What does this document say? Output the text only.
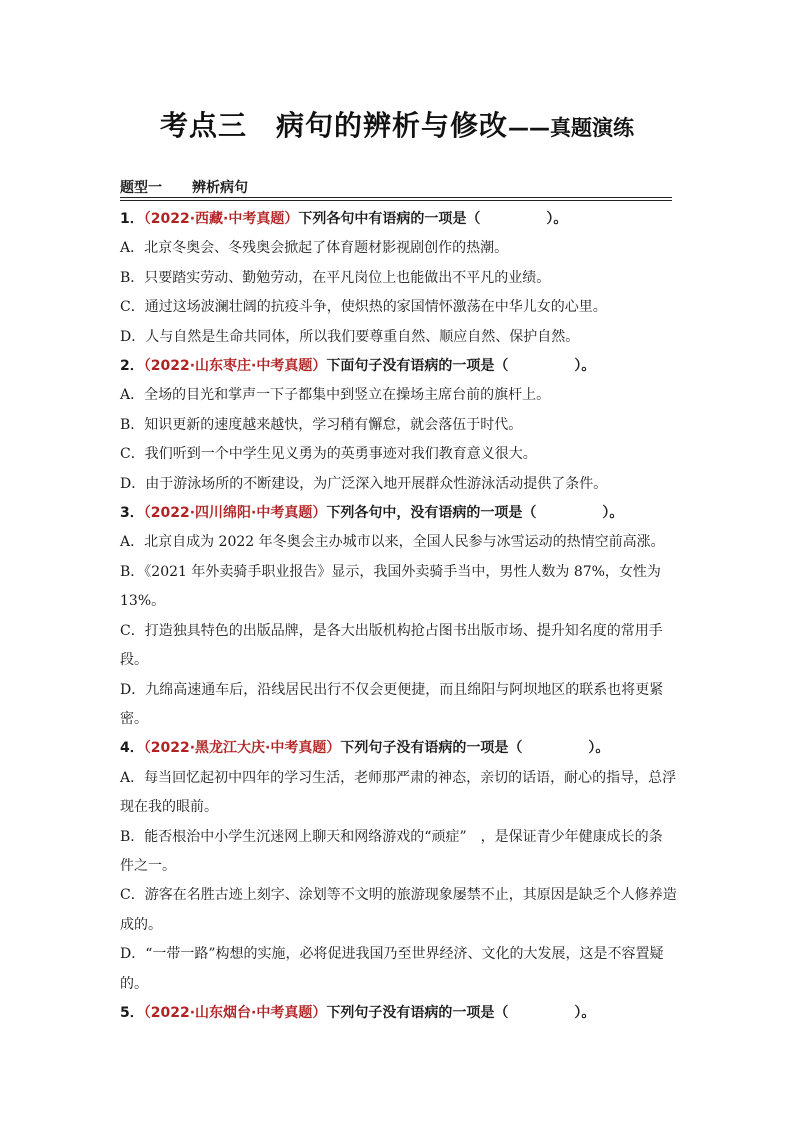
考点三　病句的辨析与修改——真题演练
题型一 辨析病句
1．（2022·西藏·中考真题）下列各句中有语病的一项是（	）。
A．北京冬奥会、冬残奥会掀起了体育题材影视剧创作的热潮。
B．只要踏实劳动、勤勉劳动，在平凡岗位上也能做出不平凡的业绩。
C．通过这场波澜壮阔的抗疫斗争，使炽热的家国情怀激荡在中华儿女的心里。
D．人与自然是生命共同体，所以我们要尊重自然、顺应自然、保护自然。
2．（2022·山东枣庄·中考真题）下面句子没有语病的一项是（	）。
A．全场的目光和掌声一下子都集中到竖立在操场主席台前的旗杆上。
B．知识更新的速度越来越快，学习稍有懈怠，就会落伍于时代。
C．我们听到一个中学生见义勇为的英勇事迹对我们教育意义很大。
D．由于游泳场所的不断建设，为广泛深入地开展群众性游泳活动提供了条件。
3．（2022·四川绵阳·中考真题）下列各句中，没有语病的一项是（	）。
A．北京自成为 2022 年冬奥会主办城市以来，全国人民参与冰雪运动的热情空前高涨。
B．《2021 年外卖骑手职业报告》显示，我国外卖骑手当中，男性人数为 87%，女性为
13%。
C．打造独具特色的出版品牌，是各大出版机构抢占图书出版市场、提升知名度的常用手
段。
D．九绵高速通车后，沿线居民出行不仅会更便捷，而且绵阳与阿坝地区的联系也将更紧
密。
4．（2022·黑龙江大庆·中考真题）下列句子没有语病的一项是（	）。
A．每当回忆起初中四年的学习生活，老师那严肃的神态，亲切的话语，耐心的指导，总浮
现在我的眼前。
B．能否根治中小学生沉迷网上聊天和网络游戏的“顽症”　，是保证青少年健康成长的条
件之一。
C．游客在名胜古迹上刻字、涂划等不文明的旅游现象屡禁不止，其原因是缺乏个人修养造
成的。
D．“一带一路”构想的实施，必将促进我国乃至世界经济、文化的大发展，这是不容置疑
的。
5．（2022·山东烟台·中考真题）下列句子没有语病的一项是（	）。
